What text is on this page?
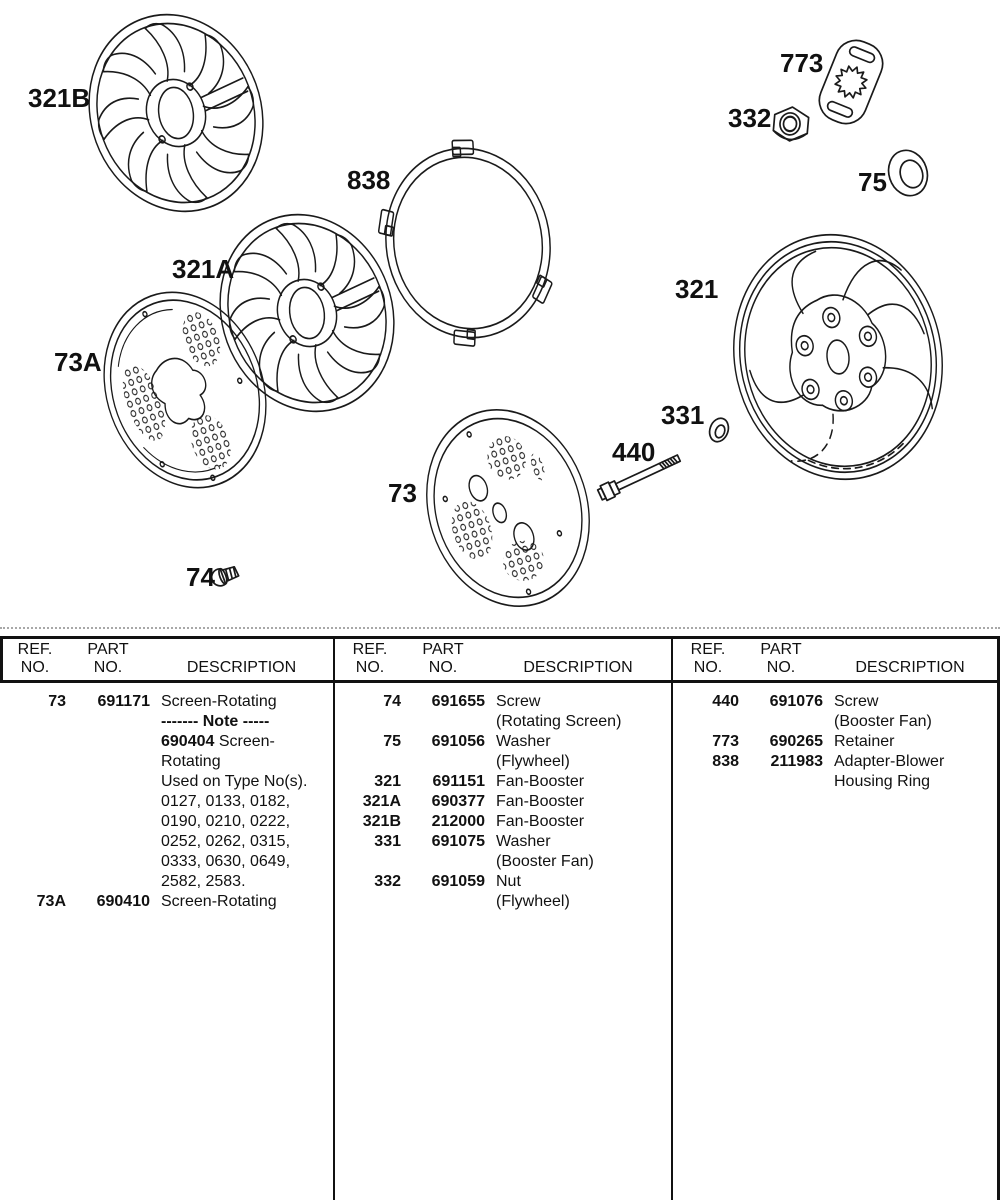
321B
838
321A
73A
73
74
440
331
321
332
773
75
REF.	PART
NO.	NO.	DESCRIPTION
73	691171 Screen-Rotating
------- Note -----
690404 Screen-
Rotating
Used on Type No(s).
0127, 0133, 0182,
0190, 0210, 0222,
0252, 0262, 0315,
0333, 0630, 0649,
2582, 2583.
73A	690410 Screen-Rotating
REF.	PART
NO.	NO.	DESCRIPTION
74	691655 Screw
(Rotating Screen)
75	691056 Washer
(Flywheel)
321	691151 Fan-Booster
321A	690377 Fan-Booster
321B	212000 Fan-Booster
331	691075 Washer
(Booster Fan)
332	691059 Nut
(Flywheel)
REF.	PART
NO.	NO.	DESCRIPTION
440	691076 Screw
(Booster Fan)
773	690265 Retainer
838	211983 Adapter-Blower
Housing Ring
